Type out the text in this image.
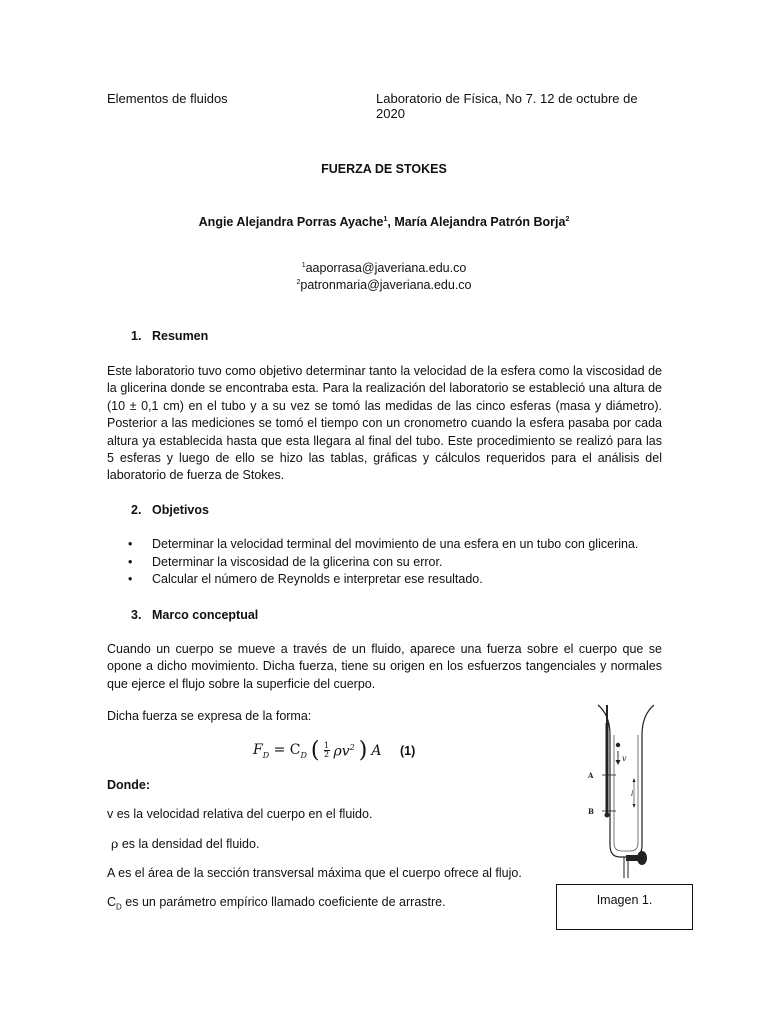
Elementos de fluidos	Laboratorio de Física, No 7. 12 de octubre de 2020
FUERZA DE STOKES
Angie Alejandra Porras Ayache$^1$, María Alejandra Patrón Borja$^2$
$^1$aaporrasa@javeriana.edu.co
$^2$patronmaria@javeriana.edu.co
1. Resumen
Este laboratorio tuvo como objetivo determinar tanto la velocidad de la esfera como la viscosidad de la glicerina donde se encontraba esta. Para la realización del laboratorio se estableció una altura de (10 ± 0,1 cm) en el tubo y a su vez se tomó las medidas de las cinco esferas (masa y diámetro). Posterior a las mediciones se tomó el tiempo con un cronometro cuando la esfera pasaba por cada altura ya establecida hasta que esta llegara al final del tubo. Este procedimiento se realizó para las 5 esferas y luego de ello se hizo las tablas, gráficas y cálculos requeridos para el análisis del laboratorio de fuerza de Stokes.
2. Objetivos
• Determinar la velocidad terminal del movimiento de una esfera en un tubo con glicerina.
• Determinar la viscosidad de la glicerina con su error.
• Calcular el número de Reynolds e interpretar ese resultado.
3. Marco conceptual
Cuando un cuerpo se mueve a través de un fluido, aparece una fuerza sobre el cuerpo que se opone a dicho movimiento. Dicha fuerza, tiene su origen en los esfuerzos tangenciales y normales que ejerce el flujo sobre la superficie del cuerpo.
Dicha fuerza se expresa de la forma:
$F_D = C_D$ ( $\frac{1}{2} \rho v^2$ ) A (1)
Donde:
v es la velocidad relativa del cuerpo en el fluido.
ρ es la densidad del fluido.
A es el área de la sección transversal máxima que el cuerpo ofrece al flujo.
$C_D$ es un parámetro empírico llamado coeficiente de arrastre.
v
A
B
l
Imagen 1.
